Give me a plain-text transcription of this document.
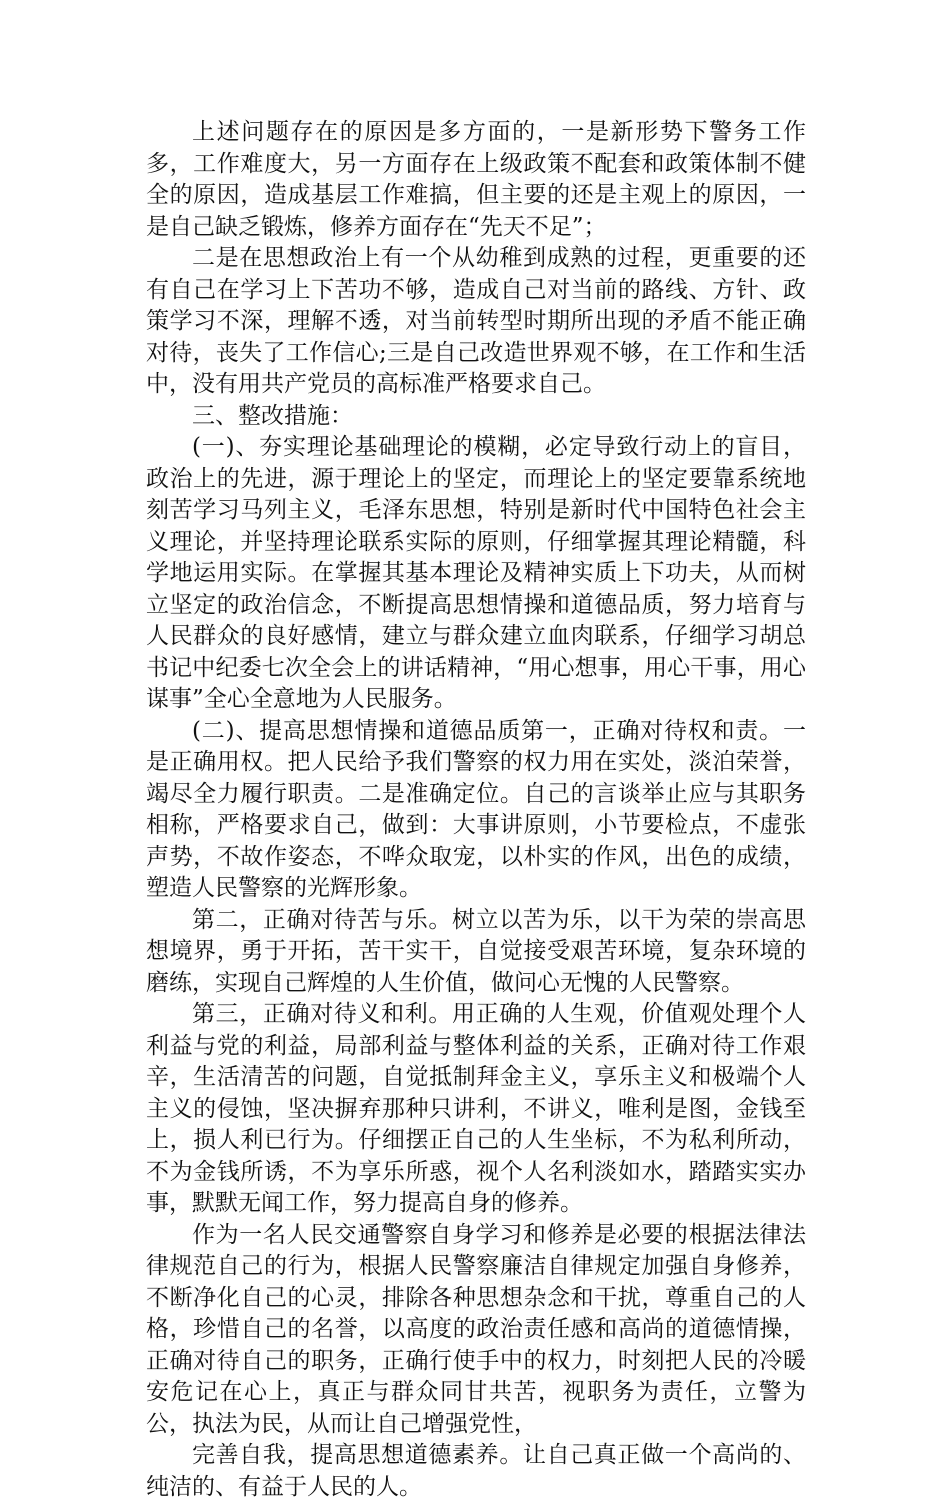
上述问题存在的原因是多方面的，一是新形势下警务工作多，工作难度大，另一方面存在上级政策不配套和政策体制不健全的原因，造成基层工作难搞，但主要的还是主观上的原因，一是自己缺乏锻炼，修养方面存在“先天不足”；

二是在思想政治上有一个从幼稚到成熟的过程，更重要的还有自己在学习上下苦功不够，造成自己对当前的路线、方针、政策学习不深，理解不透，对当前转型时期所出现的矛盾不能正确对待，丧失了工作信心;三是自己改造世界观不够，在工作和生活中，没有用共产党员的高标准严格要求自己。

三、整改措施：

(一)、夯实理论基础理论的模糊，必定导致行动上的盲目，政治上的先进，源于理论上的坚定，而理论上的坚定要靠系统地刻苦学习马列主义，毛泽东思想，特别是新时代中国特色社会主义理论，并坚持理论联系实际的原则，仔细掌握其理论精髓，科学地运用实际。在掌握其基本理论及精神实质上下功夫，从而树立坚定的政治信念，不断提高思想情操和道德品质，努力培育与人民群众的良好感情，建立与群众建立血肉联系，仔细学习胡总书记中纪委七次全会上的讲话精神，“用心想事，用心干事，用心谋事”全心全意地为人民服务。

(二)、提高思想情操和道德品质第一，正确对待权和责。一是正确用权。把人民给予我们警察的权力用在实处，淡泊荣誉，竭尽全力履行职责。二是准确定位。自己的言谈举止应与其职务相称，严格要求自己，做到：大事讲原则，小节要检点，不虚张声势，不故作姿态，不哗众取宠，以朴实的作风，出色的成绩，塑造人民警察的光辉形象。

第二，正确对待苦与乐。树立以苦为乐，以干为荣的崇高思想境界，勇于开拓，苦干实干，自觉接受艰苦环境，复杂环境的磨练，实现自己辉煌的人生价值，做问心无愧的人民警察。

第三，正确对待义和利。用正确的人生观，价值观处理个人利益与党的利益，局部利益与整体利益的关系，正确对待工作艰辛，生活清苦的问题，自觉抵制拜金主义，享乐主义和极端个人主义的侵蚀，坚决摒弃那种只讲利，不讲义，唯利是图，金钱至上，损人利已行为。仔细摆正自己的人生坐标，不为私利所动，不为金钱所诱，不为享乐所惑，视个人名利淡如水，踏踏实实办事，默默无闻工作，努力提高自身的修养。

作为一名人民交通警察自身学习和修养是必要的根据法律法律规范自己的行为，根据人民警察廉洁自律规定加强自身修养，不断净化自己的心灵，排除各种思想杂念和干扰，尊重自己的人格，珍惜自己的名誉，以高度的政治责任感和高尚的道德情操，正确对待自己的职务，正确行使手中的权力，时刻把人民的冷暖安危记在心上，真正与群众同甘共苦，视职务为责任，立警为公，执法为民，从而让自己增强党性，

完善自我，提高思想道德素养。让自己真正做一个高尚的、纯洁的、有益于人民的人。
